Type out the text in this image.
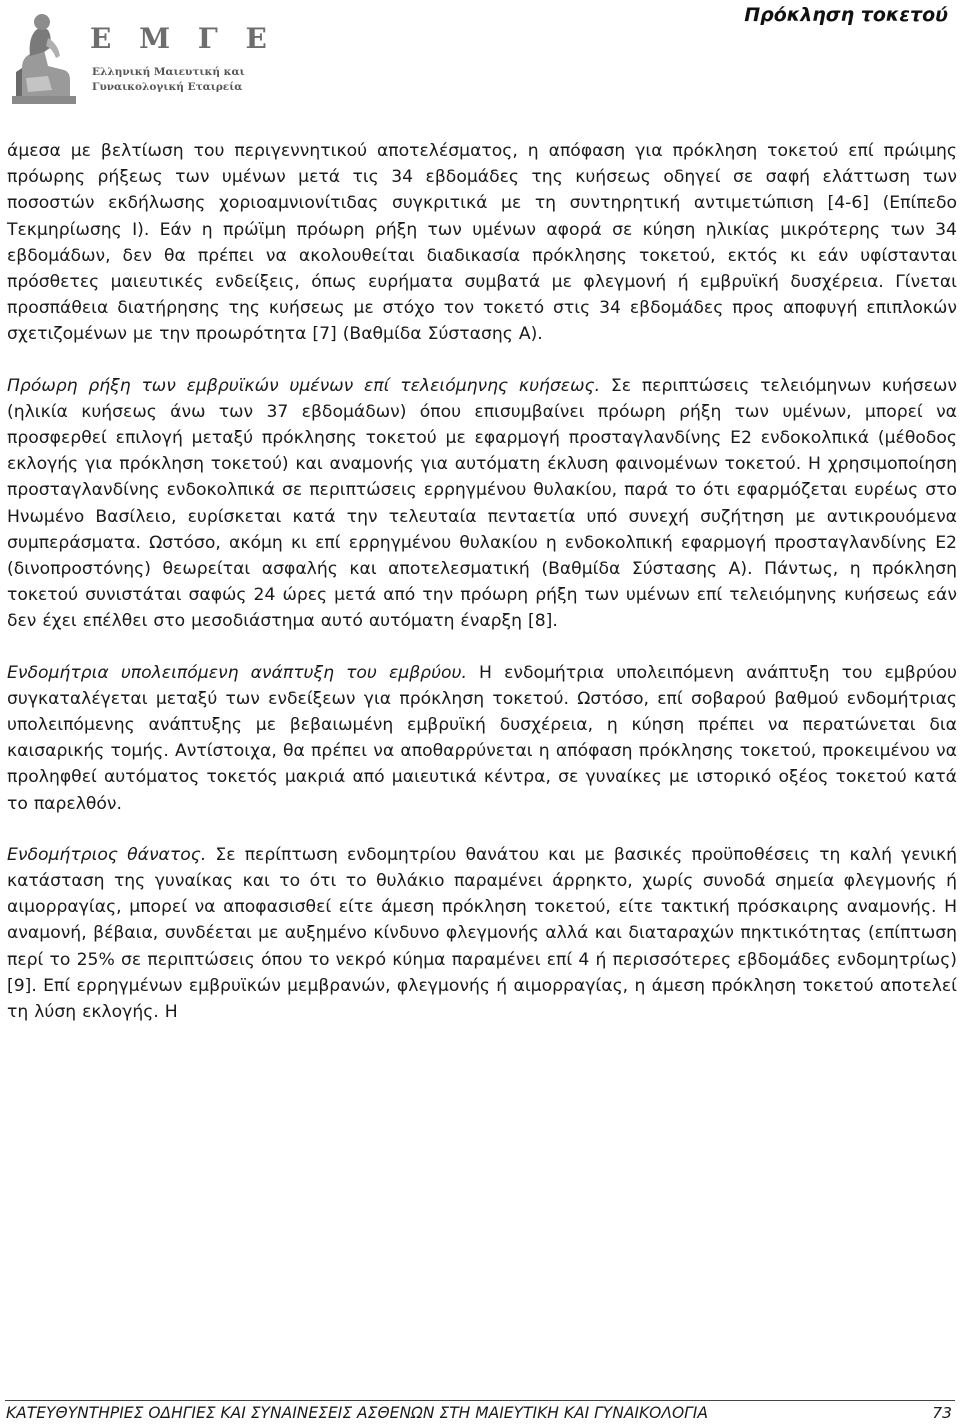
Ε Μ Γ Ε
Ελληνική Μαιευτική και
Γυναικολογική Εταιρεία
Πρόκληση τοκετού

άμεσα με βελτίωση του περιγεννητικού αποτελέσματος, η απόφαση για πρόκληση τοκετού επί πρώιμης πρόωρης ρήξεως των υμένων μετά τις 34 εβδομάδες της κυήσεως οδηγεί σε σαφή ελάττωση των ποσοστών εκδήλωσης χοριοαμνιονίτιδας συγκριτικά με τη συντηρητική αντιμετώπιση [4-6] (Επίπεδο Τεκμηρίωσης Ι). Εάν η πρώϊμη πρόωρη ρήξη των υμένων αφορά σε κύηση ηλικίας μικρότερης των 34 εβδομάδων, δεν θα πρέπει να ακολουθείται διαδικασία πρόκλησης τοκετού, εκτός κι εάν υφίστανται πρόσθετες μαιευτικές ενδείξεις, όπως ευρήματα συμβατά με φλεγμονή ή εμβρυϊκή δυσχέρεια. Γίνεται προσπάθεια διατήρησης της κυήσεως με στόχο τον τοκετό στις 34 εβδομάδες προς αποφυγή επιπλοκών σχετιζομένων με την προωρότητα [7] (Βαθμίδα Σύστασης Α).

Πρόωρη ρήξη των εμβρυϊκών υμένων επί τελειόμηνης κυήσεως. Σε περιπτώσεις τελειόμηνων κυήσεων (ηλικία κυήσεως άνω των 37 εβδομάδων) όπου επισυμβαίνει πρόωρη ρήξη των υμένων, μπορεί να προσφερθεί επιλογή μεταξύ πρόκλησης τοκετού με εφαρμογή προσταγλανδίνης Ε2 ενδοκολπικά (μέθοδος εκλογής για πρόκληση τοκετού) και αναμονής για αυτόματη έκλυση φαινομένων τοκετού. Η χρησιμοποίηση προσταγλανδίνης ενδοκολπικά σε περιπτώσεις ερρηγμένου θυλακίου, παρά το ότι εφαρμόζεται ευρέως στο Ηνωμένο Βασίλειο, ευρίσκεται κατά την τελευταία πενταετία υπό συνεχή συζήτηση με αντικρουόμενα συμπεράσματα. Ωστόσο, ακόμη κι επί ερρηγμένου θυλακίου η ενδοκολπική εφαρμογή προσταγλανδίνης Ε2 (δινοπροστόνης) θεωρείται ασφαλής και αποτελεσματική (Βαθμίδα Σύστασης Α). Πάντως, η πρόκληση τοκετού συνιστάται σαφώς 24 ώρες μετά από την πρόωρη ρήξη των υμένων επί τελειόμηνης κυήσεως εάν δεν έχει επέλθει στο μεσοδιάστημα αυτό αυτόματη έναρξη [8].

Ενδομήτρια υπολειπόμενη ανάπτυξη του εμβρύου. Η ενδομήτρια υπολειπόμενη ανάπτυξη του εμβρύου συγκαταλέγεται μεταξύ των ενδείξεων για πρόκληση τοκετού. Ωστόσο, επί σοβαρού βαθμού ενδομήτριας υπολειπόμενης ανάπτυξης με βεβαιωμένη εμβρυϊκή δυσχέρεια, η κύηση πρέπει να περατώνεται δια καισαρικής τομής. Αντίστοιχα, θα πρέπει να αποθαρρύνεται η απόφαση πρόκλησης τοκετού, προκειμένου να προληφθεί αυτόματος τοκετός μακριά από μαιευτικά κέντρα, σε γυναίκες με ιστορικό οξέος τοκετού κατά το παρελθόν.

Ενδομήτριος θάνατος. Σε περίπτωση ενδομητρίου θανάτου και με βασικές προϋποθέσεις τη καλή γενική κατάσταση της γυναίκας και το ότι το θυλάκιο παραμένει άρρηκτο, χωρίς συνοδά σημεία φλεγμονής ή αιμορραγίας, μπορεί να αποφασισθεί είτε άμεση πρόκληση τοκετού, είτε τακτική πρόσκαιρης αναμονής. Η αναμονή, βέβαια, συνδέεται με αυξημένο κίνδυνο φλεγμονής αλλά και διαταραχών πηκτικότητας (επίπτωση περί το 25% σε περιπτώσεις όπου το νεκρό κύημα παραμένει επί 4 ή περισσότερες εβδομάδες ενδομητρίως) [9]. Επί ερρηγμένων εμβρυϊκών μεμβρανών, φλεγμονής ή αιμορραγίας, η άμεση πρόκληση τοκετού αποτελεί τη λύση εκλογής. Η

ΚΑΤΕΥΘΥΝΤΗΡΙΕΣ ΟΔΗΓΙΕΣ ΚΑΙ ΣΥΝΑΙΝΕΣΕΙΣ ΑΣΘΕΝΩΝ ΣΤΗ ΜΑΙΕΥΤΙΚΗ ΚΑΙ ΓΥΝΑΙΚΟΛΟΓΙΑ	73
